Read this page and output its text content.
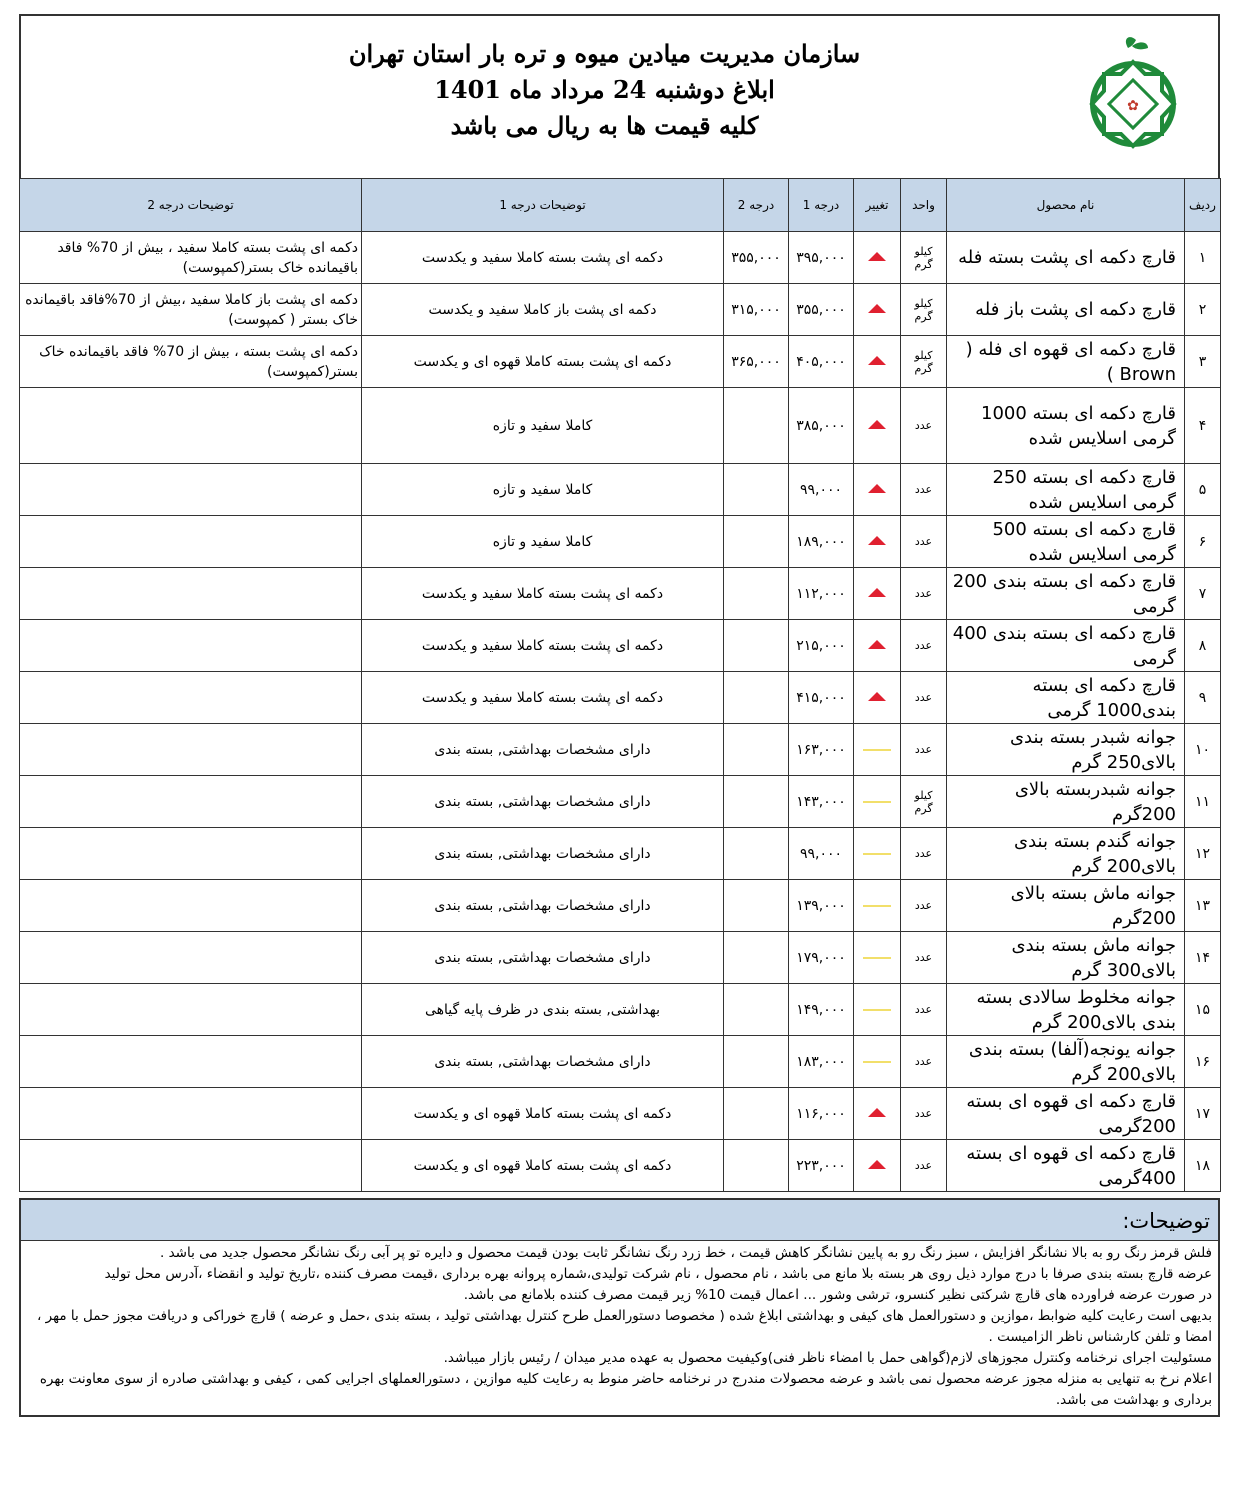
سازمان مدیریت میادین میوه و تره بار استان تهران
ابلاغ دوشنبه 24 مرداد ماه 1401
کلیه قیمت ها به ریال می باشد
✿
ردیف	نام محصول	واحد	تغییر	درجه 1	درجه 2	توضیحات درجه 1	توضیحات درجه 2
۱	قارچ دکمه ای پشت بسته فله	کیلو گرم		۳۹۵,۰۰۰	۳۵۵,۰۰۰	دکمه ای پشت بسته کاملا سفید و یکدست	دکمه ای پشت بسته کاملا سفید ، بیش از 70% فاقد باقیمانده خاک بستر(کمپوست)
۲	قارچ دکمه ای پشت باز فله	کیلو گرم		۳۵۵,۰۰۰	۳۱۵,۰۰۰	دکمه ای پشت باز کاملا سفید و یکدست	دکمه ای پشت باز کاملا سفید ،بیش از 70%فاقد باقیمانده خاک بستر ( کمپوست)
۳	قارچ دکمه ای قهوه ای فله ( Brown )	کیلو گرم		۴۰۵,۰۰۰	۳۶۵,۰۰۰	دکمه ای پشت بسته کاملا قهوه ای و یکدست	دکمه ای پشت بسته ، بیش از 70% فاقد باقیمانده خاک بستر(کمپوست)
۴	قارچ دکمه ای بسته 1000 گرمی اسلایس شده	عدد		۳۸۵,۰۰۰		کاملا سفید و تازه	
۵	قارچ دکمه ای بسته 250 گرمی اسلایس شده	عدد		۹۹,۰۰۰		کاملا سفید و تازه	
۶	قارچ دکمه ای بسته 500 گرمی اسلایس شده	عدد		۱۸۹,۰۰۰		کاملا سفید و تازه	
۷	قارچ دکمه ای بسته بندی 200 گرمی	عدد		۱۱۲,۰۰۰		دکمه ای پشت بسته کاملا سفید و یکدست	
۸	قارچ دکمه ای بسته بندی 400 گرمی	عدد		۲۱۵,۰۰۰		دکمه ای پشت بسته کاملا سفید و یکدست	
۹	قارچ دکمه ای بسته بندی1000 گرمی	عدد		۴۱۵,۰۰۰		دکمه ای پشت بسته کاملا سفید و یکدست	
۱۰	جوانه شبدر بسته بندی بالای250 گرم	عدد		۱۶۳,۰۰۰		دارای مشخصات بهداشتی, بسته بندی	
۱۱	جوانه شبدربسته بالای 200گرم	کیلو گرم		۱۴۳,۰۰۰		دارای مشخصات بهداشتی, بسته بندی	
۱۲	جوانه گندم بسته بندی بالای200 گرم	عدد		۹۹,۰۰۰		دارای مشخصات بهداشتی, بسته بندی	
۱۳	جوانه ماش بسته بالای 200گرم	عدد		۱۳۹,۰۰۰		دارای مشخصات بهداشتی, بسته بندی	
۱۴	جوانه ماش بسته بندی بالای300 گرم	عدد		۱۷۹,۰۰۰		دارای مشخصات بهداشتی, بسته بندی	
۱۵	جوانه مخلوط سالادی بسته بندی بالای200 گرم	عدد		۱۴۹,۰۰۰		بهداشتی, بسته بندی در ظرف پایه گیاهی	
۱۶	جوانه یونجه(آلفا) بسته بندی بالای200 گرم	عدد		۱۸۳,۰۰۰		دارای مشخصات بهداشتی, بسته بندی	
۱۷	قارچ دکمه ای قهوه ای بسته 200گرمی	عدد		۱۱۶,۰۰۰		دکمه ای پشت بسته کاملا قهوه ای و یکدست	
۱۸	قارچ دکمه ای قهوه ای بسته 400گرمی	عدد		۲۲۳,۰۰۰		دکمه ای پشت بسته کاملا قهوه ای و یکدست	
توضیحات:
فلش قرمز رنگ رو به بالا نشانگر افزایش ، سبز رنگ رو به پایین نشانگر کاهش قیمت ، خط زرد رنگ نشانگر ثابت بودن قیمت محصول و دایره تو پر آبی رنگ نشانگر محصول جدید می باشد .
عرضه قارچ بسته بندی صرفا با درج موارد ذیل روی هر بسته بلا مانع می باشد ، نام محصول ، نام شرکت تولیدی،شماره پروانه بهره برداری ،قیمت مصرف کننده ،تاریخ تولید و انقضاء ،آدرس محل تولید
در صورت عرضه فراورده های قارچ شرکتی نظیر کنسرو، ترشی وشور ... اعمال قیمت 10% زیر قیمت مصرف کننده بلامانع می باشد.
بدیهی است رعایت کلیه ضوابط ،موازین و دستورالعمل های کیفی و بهداشتی ابلاغ شده ( مخصوصا دستورالعمل طرح کنترل بهداشتی تولید ، بسته بندی ،حمل و عرضه ) قارچ خوراکی و دریافت مجوز حمل با مهر ، امضا و تلفن کارشناس ناظر الزامیست .
مسئولیت اجرای نرخنامه وکنترل مجوزهای لازم(گواهی حمل با امضاء ناظر فنی)وکیفیت محصول به عهده مدیر میدان / رئیس بازار میباشد.
اعلام نرخ به تنهایی به منزله مجوز عرضه محصول نمی باشد و عرضه محصولات مندرج در نرخنامه حاضر منوط به رعایت کلیه موازین ، دستورالعملهای اجرایی کمی ، کیفی و بهداشتی صادره از سوی معاونت بهره برداری و بهداشت می باشد.
